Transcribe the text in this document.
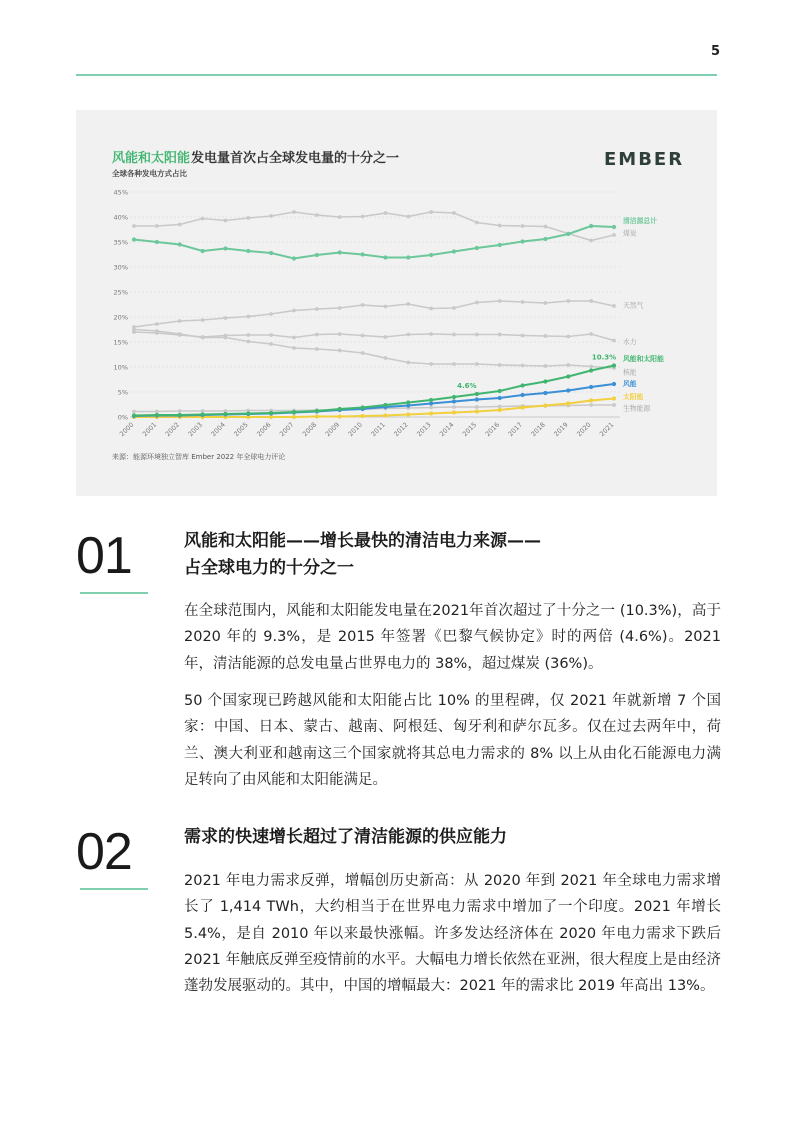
5
风能和太阳能 发电量首次占全球发电量的十分之一
全球各种发电方式占比
EMBER
0%
5%
10%
15%
20%
25%
30%
35%
40%
45%
2000 2001 2002 2003 2004 2005 2006 2007 2008 2009 2010 2011 2012 2013 2014 2015 2016 2017 2018 2019 2020 2021
清洁源总计
煤炭
天然气
水力
核能
风能和太阳能
风能
太阳能
生物能源
4.6%
10.3%
来源：能源环境独立智库 Ember 2022 年全球电力评论
01	风能和太阳能——增长最快的清洁电力来源——
占全球电力的十分之一
在全球范围内，风能和太阳能发电量在2021年首次超过了十分之一 (10.3%)，高于 2020 年的 9.3%，是 2015 年签署《巴黎气候协定》时的两倍 (4.6%)。2021 年，清洁能源的总发电量占世界电力的 38%，超过煤炭 (36%)。
50 个国家现已跨越风能和太阳能占比 10% 的里程碑，仅 2021 年就新增 7 个国家：中国、日本、蒙古、越南、阿根廷、匈牙利和萨尔瓦多。仅在过去两年中，荷兰、澳大利亚和越南这三个国家就将其总电力需求的 8% 以上从由化石能源电力满足转向了由风能和太阳能满足。
02	需求的快速增长超过了清洁能源的供应能力
2021 年电力需求反弹，增幅创历史新高：从 2020 年到 2021 年全球电力需求增长了 1,414 TWh，大约相当于在世界电力需求中增加了一个印度。2021 年增长 5.4%，是自 2010 年以来最快涨幅。许多发达经济体在 2020 年电力需求下跌后 2021 年触底反弹至疫情前的水平。大幅电力增长依然在亚洲，很大程度上是由经济蓬勃发展驱动的。其中，中国的增幅最大：2021 年的需求比 2019 年高出 13%。
